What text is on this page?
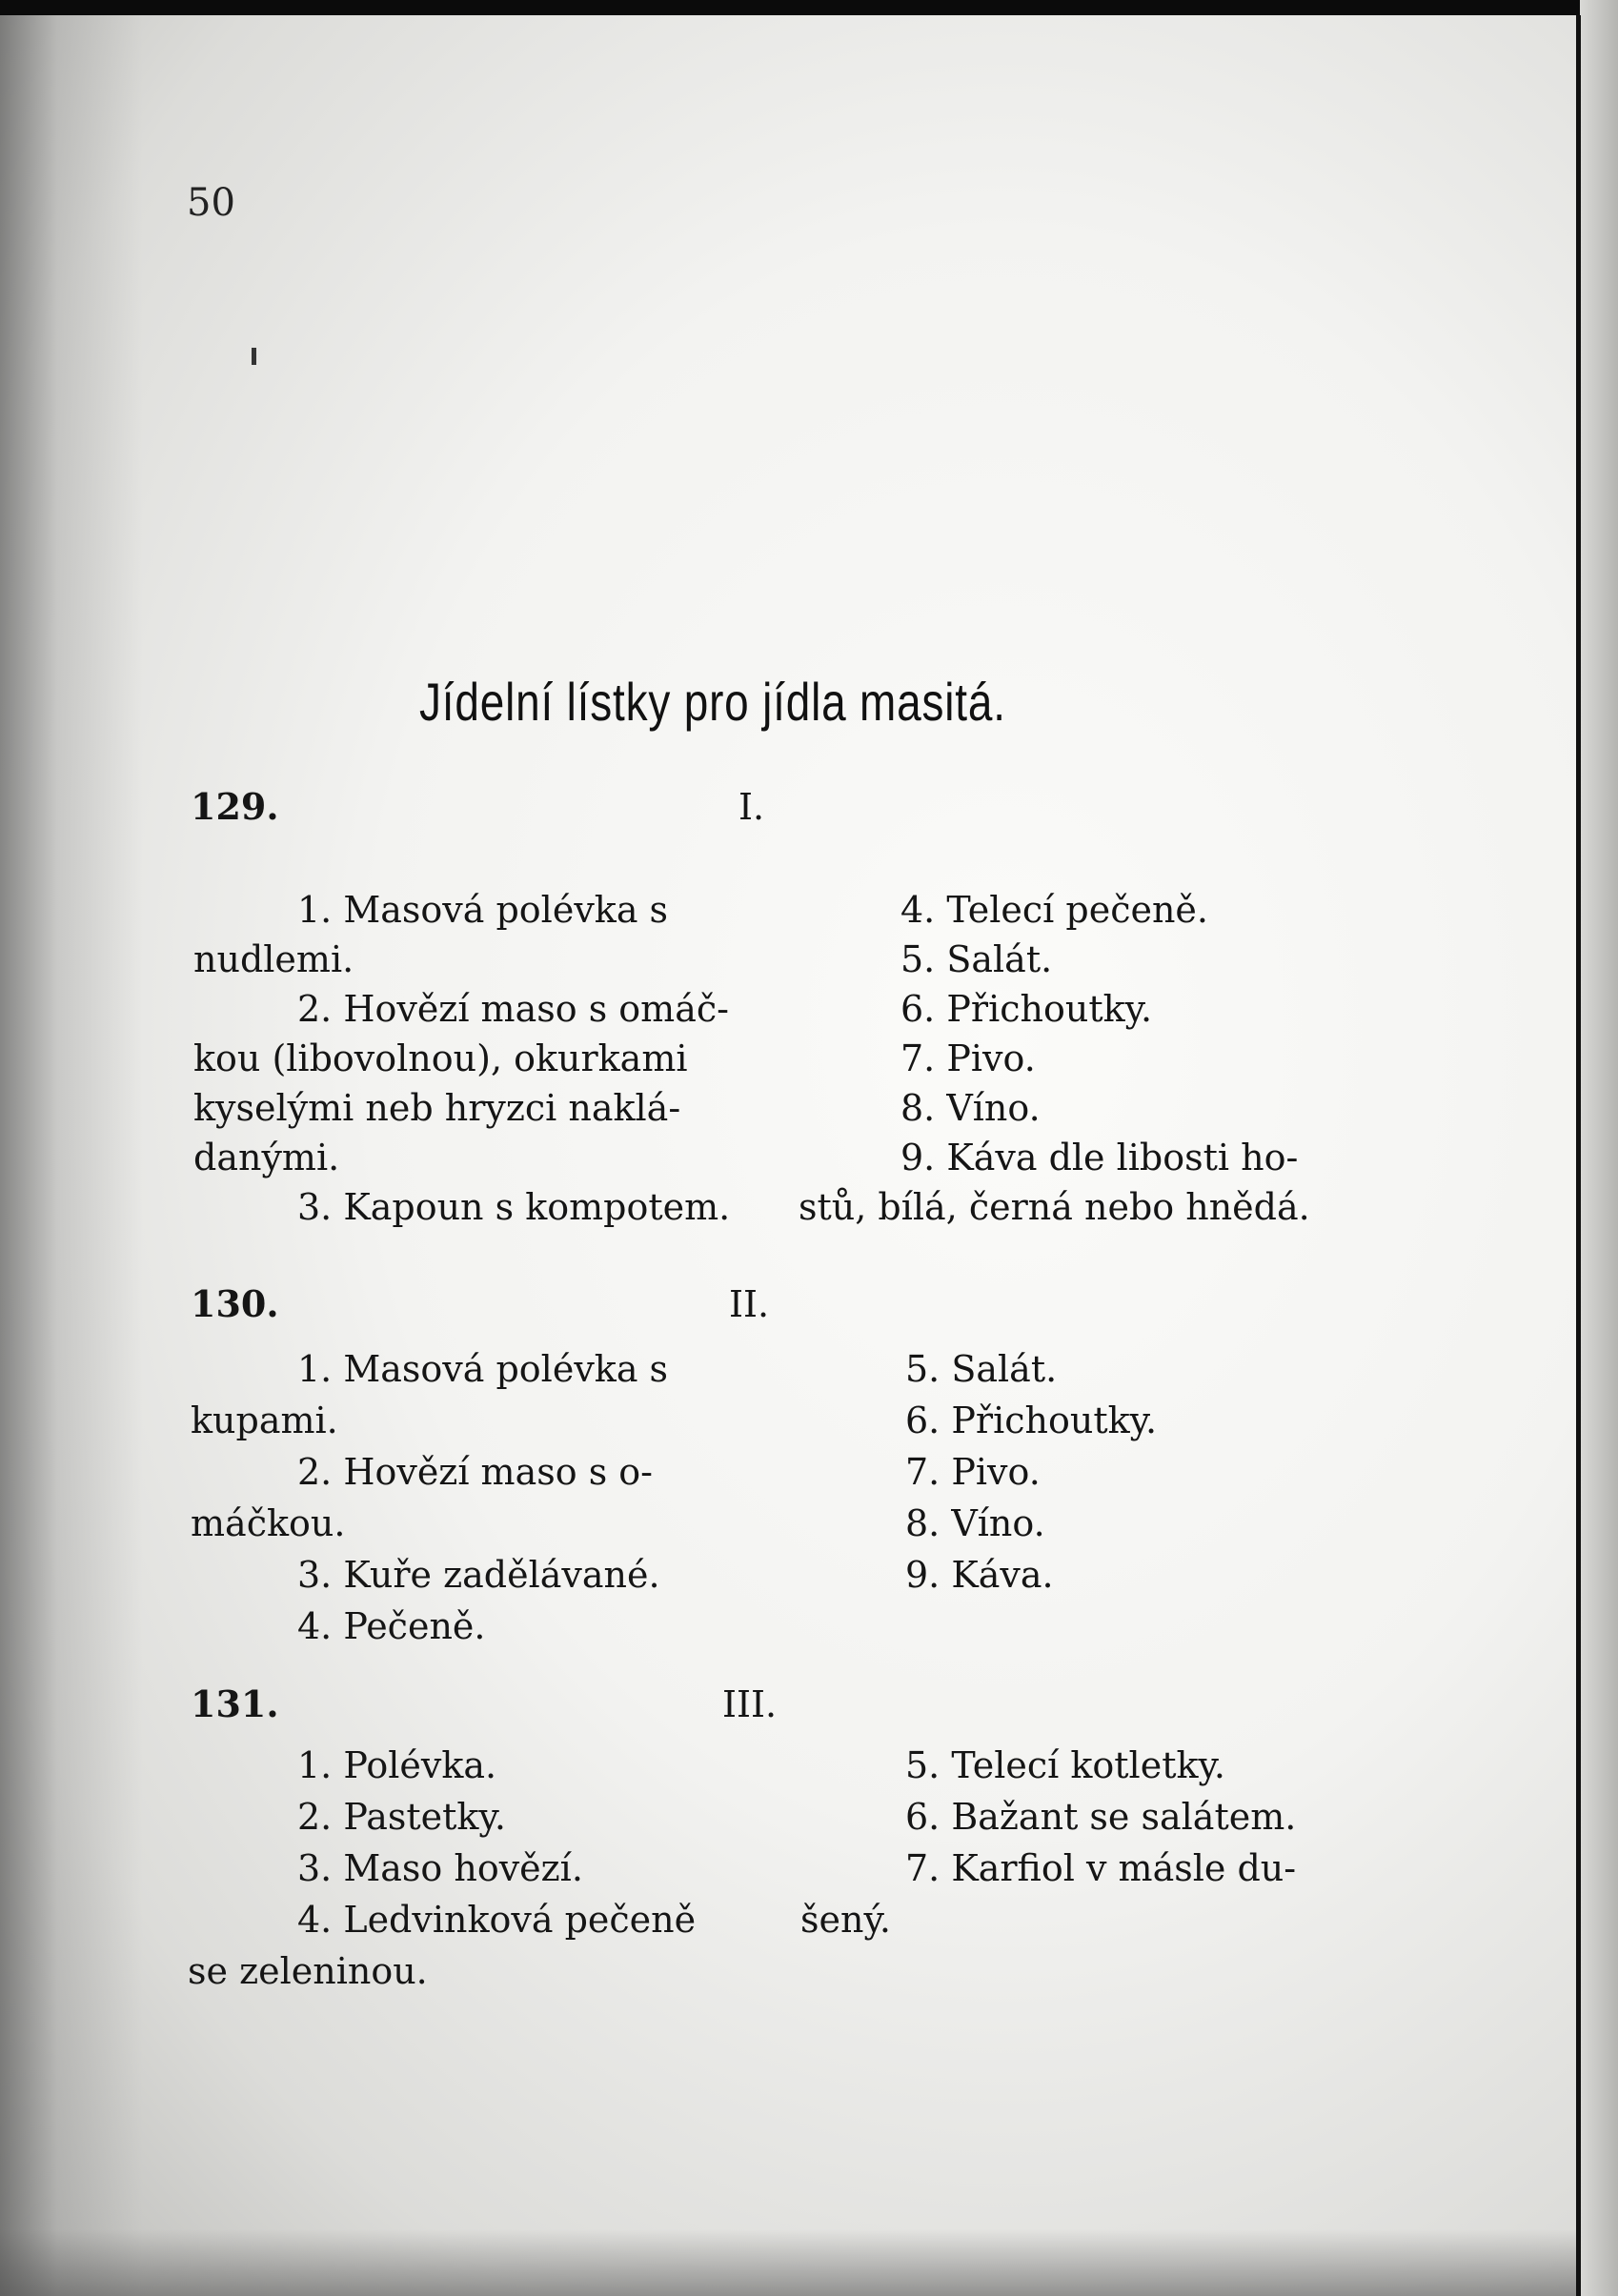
50
Jídelní lístky pro jídla masitá.
129.	I.
1. Masová polévka s
nudlemi.
2. Hovězí maso s omáč-
kou (libovolnou), okurkami
kyselými neb hryzci naklá-
danými.
3. Kapoun s kompotem.
4. Telecí pečeně.
5. Salát.
6. Přichoutky.
7. Pivo.
8. Víno.
9. Káva dle libosti ho-
stů, bílá, černá nebo hnědá.
130.	II.
1. Masová polévka s
kupami.
2. Hovězí maso s o-
máčkou.
3. Kuře zadělávané.
4. Pečeně.
5. Salát.
6. Přichoutky.
7. Pivo.
8. Víno.
9. Káva.
131.	III.
1. Polévka.
2. Pastetky.
3. Maso hovězí.
4. Ledvinková pečeně
se zeleninou.
5. Telecí kotletky.
6. Bažant se salátem.
7. Karfiol v másle du-
šený.
